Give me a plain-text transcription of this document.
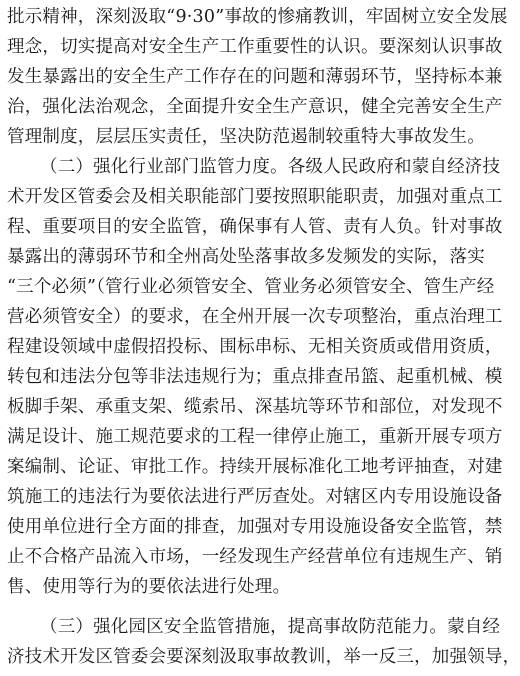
批示精神，深刻汲取“9·30”事故的惨痛教训，牢固树立安全发展
理念，切实提高对安全生产工作重要性的认识。要深刻认识事故
发生暴露出的安全生产工作存在的问题和薄弱环节，坚持标本兼
治，强化法治观念，全面提升安全生产意识，健全完善安全生产
管理制度，层层压实责任，坚决防范遏制较重特大事故发生。
（二）强化行业部门监管力度。各级人民政府和蒙自经济技
术开发区管委会及相关职能部门要按照职能职责，加强对重点工
程、重要项目的安全监管，确保事有人管、责有人负。针对事故
暴露出的薄弱环节和全州高处坠落事故多发频发的实际，落实
“三个必须”（管行业必须管安全、管业务必须管安全、管生产经
营必须管安全）的要求，在全州开展一次专项整治，重点治理工
程建设领域中虚假招投标、围标串标、无相关资质或借用资质，
转包和违法分包等非法违规行为；重点排查吊篮、起重机械、模
板脚手架、承重支架、缆索吊、深基坑等环节和部位，对发现不
满足设计、施工规范要求的工程一律停止施工，重新开展专项方
案编制、论证、审批工作。持续开展标准化工地考评抽查，对建
筑施工的违法行为要依法进行严厉查处。对辖区内专用设施设备
使用单位进行全方面的排查，加强对专用设施设备安全监管，禁
止不合格产品流入市场，一经发现生产经营单位有违规生产、销
售、使用等行为的要依法进行处理。
（三）强化园区安全监管措施，提高事故防范能力。蒙自经
济技术开发区管委会要深刻汲取事故教训，举一反三，加强领导，
